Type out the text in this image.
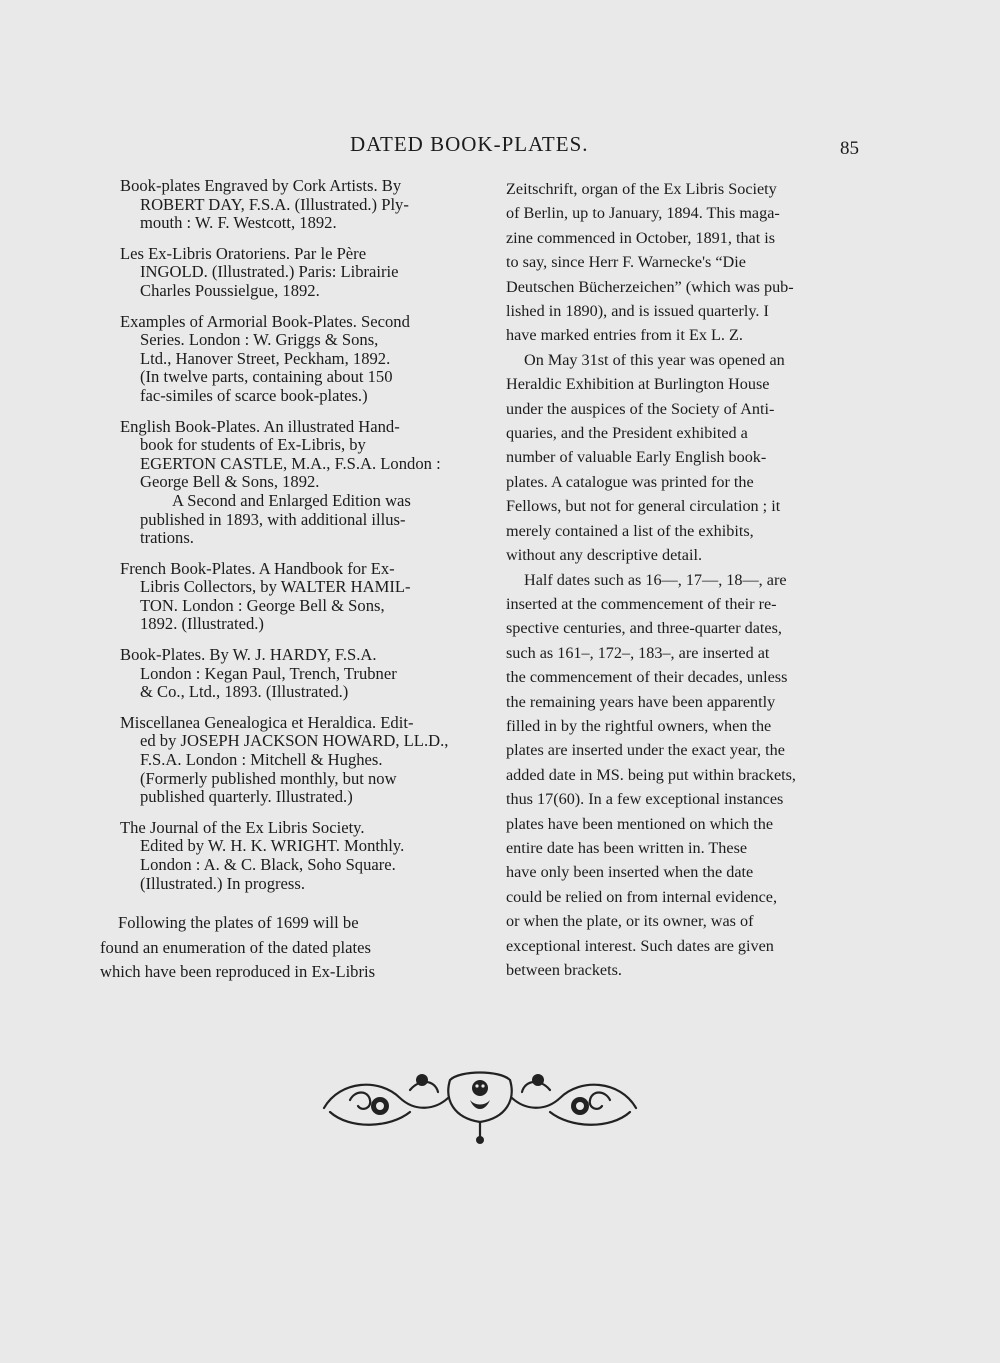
DATED BOOK-PLATES.	85
Book-plates Engraved by Cork Artists. By
ROBERT DAY, F.S.A. (Illustrated.) Ply-
mouth : W. F. Westcott, 1892.
Les Ex-Libris Oratoriens. Par le Père
INGOLD. (Illustrated.) Paris: Librairie
Charles Poussielgue, 1892.
Examples of Armorial Book-Plates. Second
Series. London : W. Griggs & Sons,
Ltd., Hanover Street, Peckham, 1892.
(In twelve parts, containing about 150
fac-similes of scarce book-plates.)
English Book-Plates. An illustrated Hand-
book for students of Ex-Libris, by
EGERTON CASTLE, M.A., F.S.A. London :
George Bell & Sons, 1892.
A Second and Enlarged Edition was
published in 1893, with additional illus-
trations.
French Book-Plates. A Handbook for Ex-
Libris Collectors, by WALTER HAMIL-
TON. London : George Bell & Sons,
1892. (Illustrated.)
Book-Plates. By W. J. HARDY, F.S.A.
London : Kegan Paul, Trench, Trubner
& Co., Ltd., 1893. (Illustrated.)
Miscellanea Genealogica et Heraldica. Edit-
ed by JOSEPH JACKSON HOWARD, LL.D.,
F.S.A. London : Mitchell & Hughes.
(Formerly published monthly, but now
published quarterly. Illustrated.)
The Journal of the Ex Libris Society.
Edited by W. H. K. WRIGHT. Monthly.
London : A. & C. Black, Soho Square.
(Illustrated.) In progress.
Following the plates of 1699 will be
found an enumeration of the dated plates
which have been reproduced in Ex-Libris
Zeitschrift, organ of the Ex Libris Society
of Berlin, up to January, 1894. This maga-
zine commenced in October, 1891, that is
to say, since Herr F. Warnecke's “Die
Deutschen Bücherzeichen” (which was pub-
lished in 1890), and is issued quarterly. I
have marked entries from it Ex L. Z.
On May 31st of this year was opened an
Heraldic Exhibition at Burlington House
under the auspices of the Society of Anti-
quaries, and the President exhibited a
number of valuable Early English book-
plates. A catalogue was printed for the
Fellows, but not for general circulation ; it
merely contained a list of the exhibits,
without any descriptive detail.
Half dates such as 16—, 17—, 18—, are
inserted at the commencement of their re-
spective centuries, and three-quarter dates,
such as 161–, 172–, 183–, are inserted at
the commencement of their decades, unless
the remaining years have been apparently
filled in by the rightful owners, when the
plates are inserted under the exact year, the
added date in MS. being put within brackets,
thus 17(60). In a few exceptional instances
plates have been mentioned on which the
entire date has been written in. These
have only been inserted when the date
could be relied on from internal evidence,
or when the plate, or its owner, was of
exceptional interest. Such dates are given
between brackets.
